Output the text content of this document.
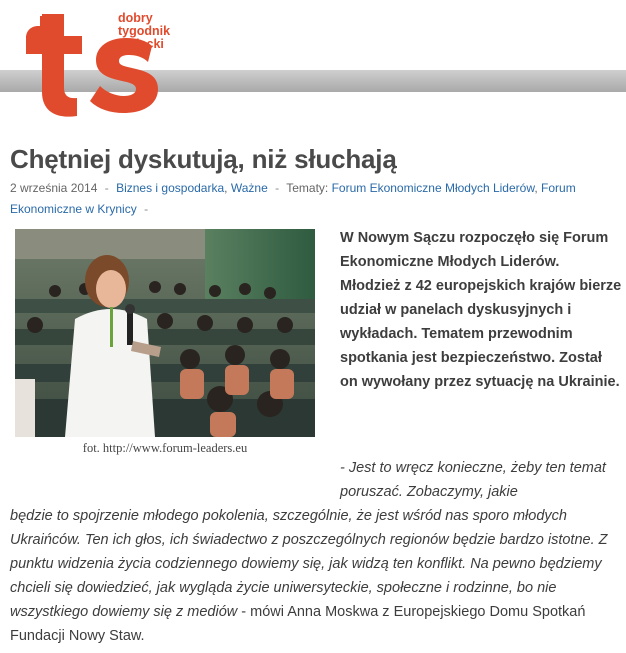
dobry tygodnik
sądecki
Chętniej dyskutują, niż słuchają
2 września 2014 - Biznes i gospodarka, Ważne - Tematy: Forum Ekonomiczne Młodych Liderów, Forum
Ekonomiczne w Krynicy -
fot. http://www.forum-leaders.eu

W Nowym Sączu rozpoczęło się Forum Ekonomiczne Młodych Liderów. Młodzież z 42 europejskich krajów bierze udział w panelach dyskusyjnych i wykładach. Tematem przewodnim spotkania jest bezpieczeństwo. Został on wywołany przez sytuację na Ukrainie.

- Jest to wręcz konieczne, żeby ten temat poruszać. Zobaczymy, jakie

będzie to spojrzenie młodego pokolenia, szczególnie, że jest wśród nas sporo młodych Ukraińców. Ten ich głos, ich świadectwo z poszczególnych regionów będzie bardzo istotne. Z punktu widzenia życia codziennego dowiemy się, jak widzą ten konflikt. Na pewno będziemy chcieli się dowiedzieć, jak wygląda życie uniwersyteckie, społeczne i rodzinne, bo nie wszystkiego dowiemy się z mediów - mówi Anna Moskwa z Europejskiego Domu Spotkań Fundacji Nowy Staw.
